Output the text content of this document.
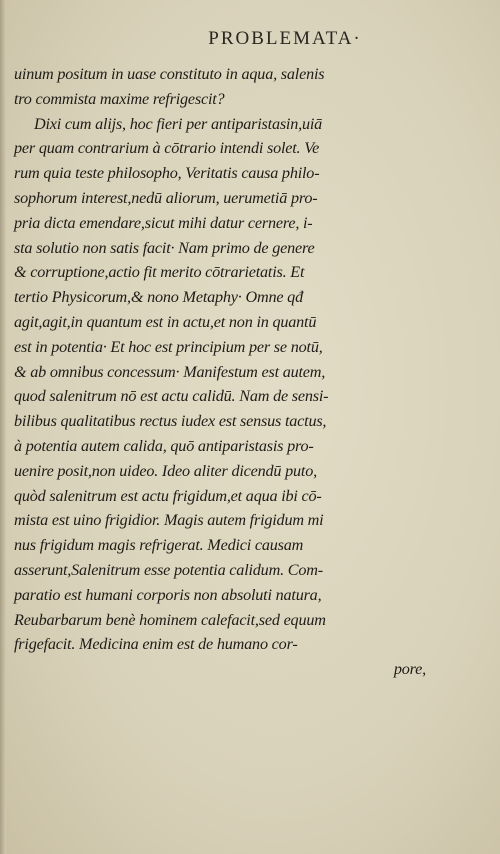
PROBLEMATA·
uinum positum in uase constituto in aqua, salenis
tro commista maxime refrigescit?
Dixi cum alijs, hoc fieri per antiparistasin,uiā
per quam contrarium à cōtrario intendi solet. Ve
rum quia teste philosopho, Veritatis causa philo-
sophorum interest,nedū aliorum, uerumetiā pro-
pria dicta emendare,sicut mihi datur cernere, i-
sta solutio non satis facit· Nam primo de genere
& corruptione,actio fit merito cōtrarietatis. Et
tertio Physicorum,& nono Metaphy· Omne qđ
agit,agit,in quantum est in actu,et non in quantū
est in potentia· Et hoc est principium per se notū,
& ab omnibus concessum· Manifestum est autem,
quod salenitrum nō est actu calidū. Nam de sensi-
bilibus qualitatibus rectus iudex est sensus tactus,
à potentia autem calida, quō antiparistasis pro-
uenire posit,non uideo. Ideo aliter dicendū puto,
quòd salenitrum est actu frigidum,et aqua ibi cō-
mista est uino frigidior. Magis autem frigidum mi
nus frigidum magis refrigerat. Medici causam
asserunt,Salenitrum esse potentia calidum. Com-
paratio est humani corporis non absoluti natura,
Reubarbarum benè hominem calefacit,sed equum
frigefacit. Medicina enim est de humano cor-
pore,
